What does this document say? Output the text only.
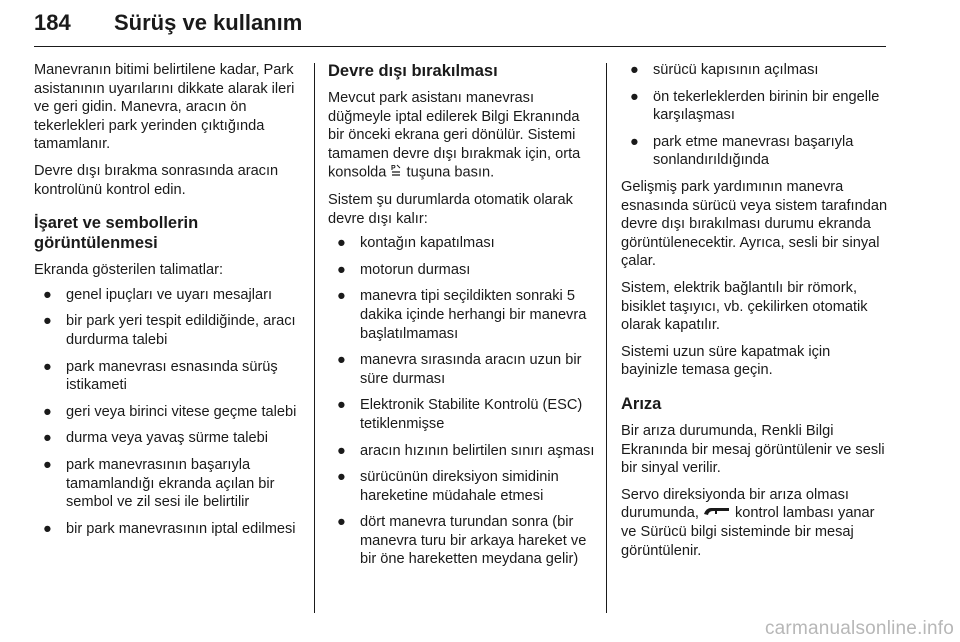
184 Sürüş ve kullanım

Manevranın bitimi belirtilene kadar, Park asistanının uyarılarını dikkate alarak ileri ve geri gidin. Manevra, aracın ön tekerlekleri park yerinden çıktığında tamamlanır.

Devre dışı bırakma sonrasında aracın kontrolünü kontrol edin.

İşaret ve sembollerin görüntülenmesi

Ekranda gösterilen talimatlar:

● genel ipuçları ve uyarı mesajları
● bir park yeri tespit edildiğinde, aracı durdurma talebi
● park manevrası esnasında sürüş istikameti
● geri veya birinci vitese geçme talebi
● durma veya yavaş sürme talebi
● park manevrasının başarıyla tamamlandığı ekranda açılan bir sembol ve zil sesi ile belirtilir
● bir park manevrasının iptal edilmesi
Devre dışı bırakılması

Mevcut park asistanı manevrası düğmeyle iptal edilerek Bilgi Ekranında bir önceki ekrana geri dönülür. Sistemi tamamen devre dışı bırakmak için, orta konsolda P tuşuna basın.

Sistem şu durumlarda otomatik olarak devre dışı kalır:

● kontağın kapatılması
● motorun durması
● manevra tipi seçildikten sonraki 5 dakika içinde herhangi bir manevra başlatılmaması
● manevra sırasında aracın uzun bir süre durması
● Elektronik Stabilite Kontrolü (ESC) tetiklenmişse
● aracın hızının belirtilen sınırı aşması
● sürücünün direksiyon simidinin hareketine müdahale etmesi
● dört manevra turundan sonra (bir manevra turu bir arkaya hareket ve bir öne hareketten meydana gelir)
● sürücü kapısının açılması
● ön tekerleklerden birinin bir engelle karşılaşması
● park etme manevrası başarıyla sonlandırıldığında

Gelişmiş park yardımının manevra esnasında sürücü veya sistem tarafından devre dışı bırakılması durumu ekranda görüntülenecektir. Ayrıca, sesli bir sinyal çalar.

Sistem, elektrik bağlantılı bir römork, bisiklet taşıyıcı, vb. çekilirken otomatik olarak kapatılır.

Sistemi uzun süre kapatmak için bayinizle temasa geçin.

Arıza

Bir arıza durumunda, Renkli Bilgi Ekranında bir mesaj görüntülenir ve sesli bir sinyal verilir.

Servo direksiyonda bir arıza olması durumunda,  kontrol lambası yanar ve Sürücü bilgi sisteminde bir mesaj görüntülenir.

carmanualsonline.info
